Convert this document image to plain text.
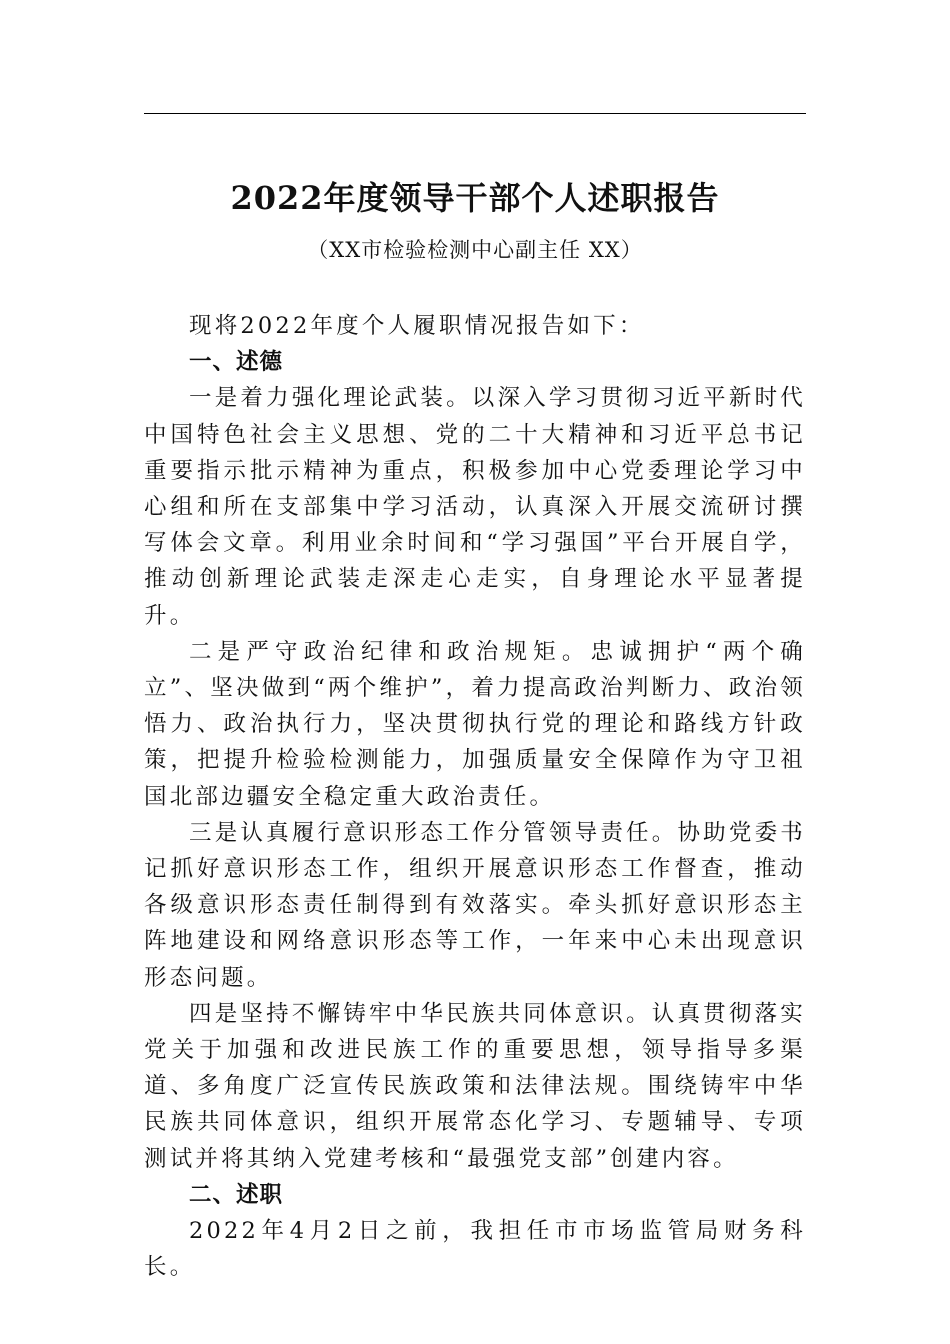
2022年度领导干部个人述职报告
（XX市检验检测中心副主任 XX）

现将2022年度个人履职情况报告如下：

一、述德

一是着力强化理论武装。以深入学习贯彻习近平新时代中国特色社会主义思想、党的二十大精神和习近平总书记重要指示批示精神为重点，积极参加中心党委理论学习中心组和所在支部集中学习活动，认真深入开展交流研讨撰写体会文章。利用业余时间和“学习强国”平台开展自学，推动创新理论武装走深走心走实，自身理论水平显著提升。

二是严守政治纪律和政治规矩。忠诚拥护“两个确立”、坚决做到“两个维护”，着力提高政治判断力、政治领悟力、政治执行力，坚决贯彻执行党的理论和路线方针政策，把提升检验检测能力，加强质量安全保障作为守卫祖国北部边疆安全稳定重大政治责任。

三是认真履行意识形态工作分管领导责任。协助党委书记抓好意识形态工作，组织开展意识形态工作督查，推动各级意识形态责任制得到有效落实。牵头抓好意识形态主阵地建设和网络意识形态等工作，一年来中心未出现意识形态问题。

四是坚持不懈铸牢中华民族共同体意识。认真贯彻落实党关于加强和改进民族工作的重要思想，领导指导多渠道、多角度广泛宣传民族政策和法律法规。围绕铸牢中华民族共同体意识，组织开展常态化学习、专题辅导、专项测试并将其纳入党建考核和“最强党支部”创建内容。

二、述职

2022年4月2日之前，我担任市市场监管局财务科长。
